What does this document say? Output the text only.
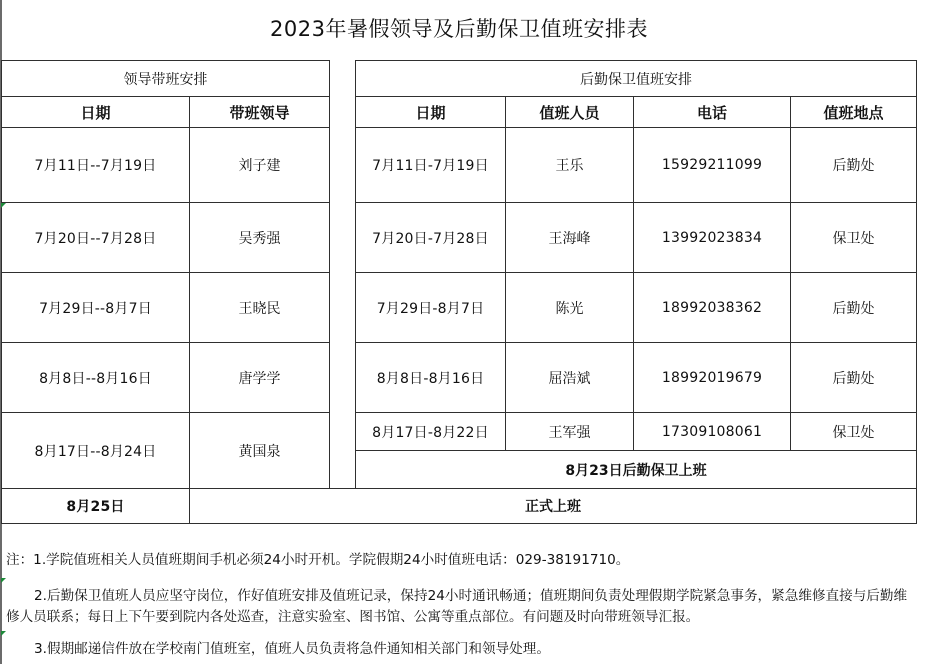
2023年暑假领导及后勤保卫值班安排表
领导带班安排			后勤保卫值班安排			
日期	带班领导		日期	值班人员	电话	值班地点
7月11日--7月19日	刘子建		7月11日-7月19日	王乐	15929211099	后勤处
7月20日--7月28日	吴秀强		7月20日-7月28日	王海峰	13992023834	保卫处
7月29日--8月7日	王晓民		7月29日-8月7日	陈光	18992038362	后勤处
8月8日--8月16日	唐学学		8月8日-8月16日	屈浩斌	18992019679	后勤处
8月17日--8月24日	黄国泉		8月17日-8月22日	王军强	17309108061	保卫处
			8月23日后勤保卫上班			
8月25日	正式上班					

注：1.学院值班相关人员值班期间手机必须24小时开机。学院假期24小时值班电话：029-38191710。

2.后勤保卫值班人员应坚守岗位，作好值班安排及值班记录，保持24小时通讯畅通；值班期间负责处理假期学院紧急事务，紧急维修直接与后勤维修人员联系；每日上下午要到院内各处巡查，注意实验室、图书馆、公寓等重点部位。有问题及时向带班领导汇报。

3.假期邮递信件放在学校南门值班室，值班人员负责将急件通知相关部门和领导处理。
